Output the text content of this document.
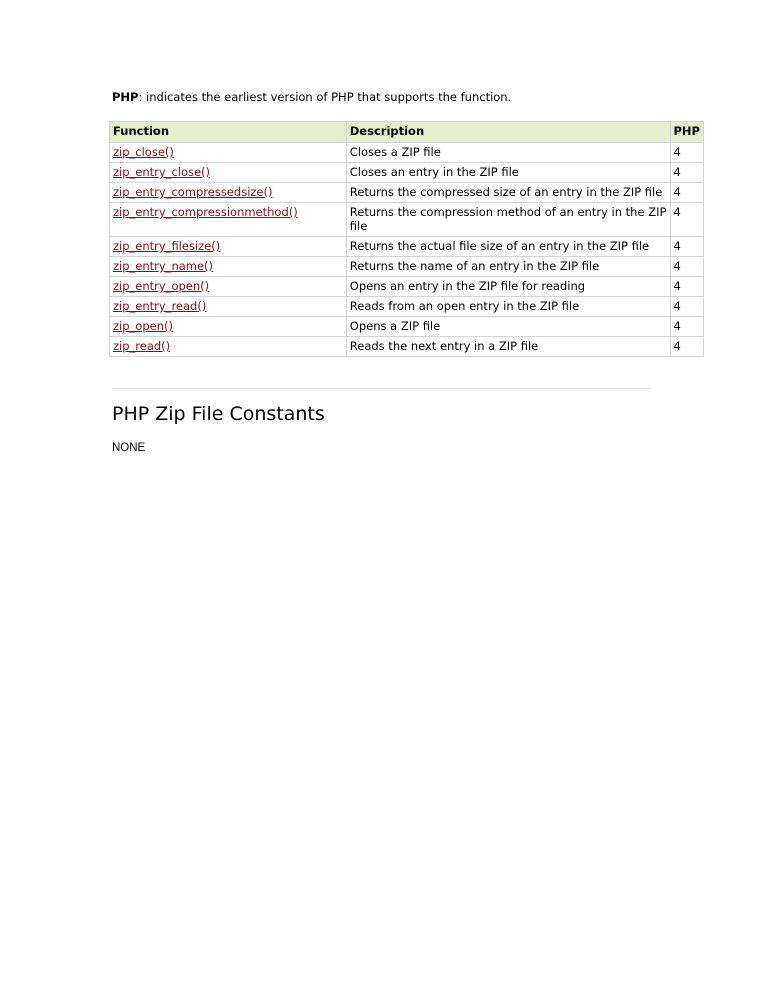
PHP: indicates the earliest version of PHP that supports the function.

Function	Description	PHP
zip_close()	Closes a ZIP file	4
zip_entry_close()	Closes an entry in the ZIP file	4
zip_entry_compressedsize()	Returns the compressed size of an entry in the ZIP file	4
zip_entry_compressionmethod()	Returns the compression method of an entry in the ZIP file	4
zip_entry_filesize()	Returns the actual file size of an entry in the ZIP file	4
zip_entry_name()	Returns the name of an entry in the ZIP file	4
zip_entry_open()	Opens an entry in the ZIP file for reading	4
zip_entry_read()	Reads from an open entry in the ZIP file	4
zip_open()	Opens a ZIP file	4
zip_read()	Reads the next entry in a ZIP file	4
PHP Zip File Constants

NONE
